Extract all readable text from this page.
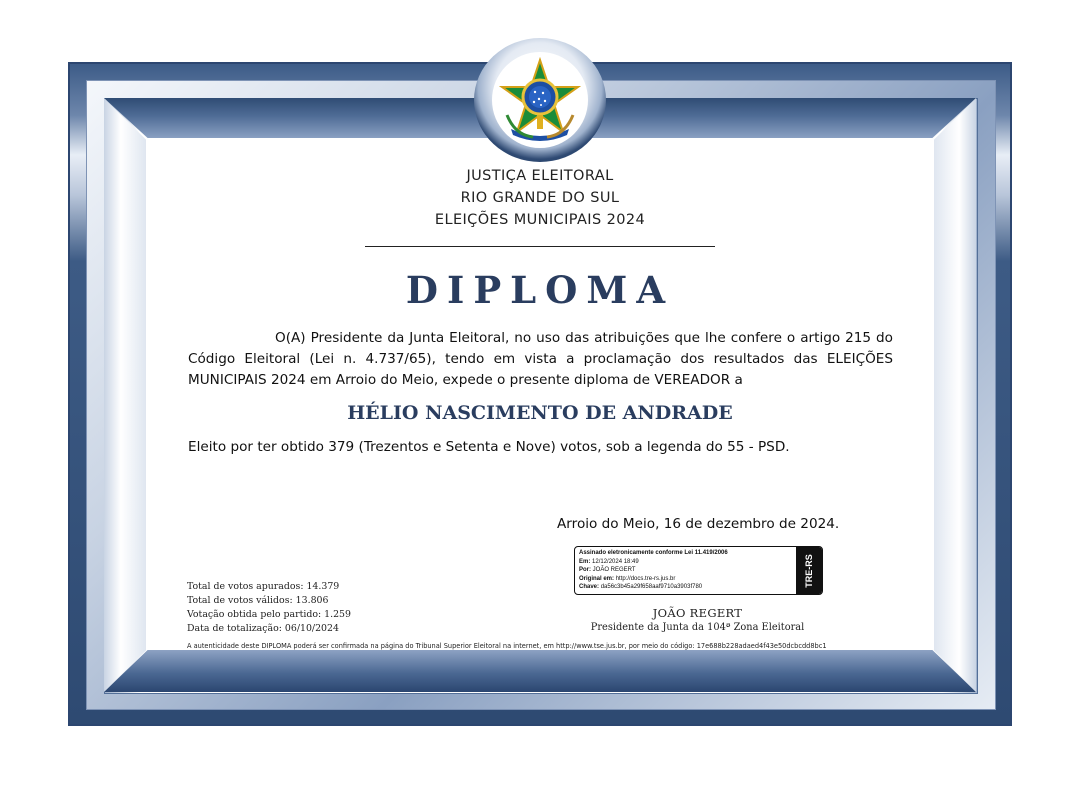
JUSTIÇA ELEITORAL
RIO GRANDE DO SUL
ELEIÇÕES MUNICIPAIS 2024
DIPLOMA
O(A) Presidente da Junta Eleitoral, no uso das atribuições que lhe confere o artigo 215 do Código Eleitoral (Lei n. 4.737/65), tendo em vista a proclamação dos resultados das ELEIÇÕES MUNICIPAIS 2024 em Arroio do Meio, expede o presente diploma de VEREADOR a
HÉLIO NASCIMENTO DE ANDRADE
Eleito por ter obtido 379 (Trezentos e Setenta e Nove) votos, sob a legenda do 55 - PSD.
Arroio do Meio, 16 de dezembro de 2024.
Assinado eletronicamente conforme Lei 11.419/2006
Em: 12/12/2024 18:49
Por: JOÃO REGERT
Original em: http://docs.tre-rs.jus.br
Chave: da56c3b45a29f658aaf9710a3903f780
TRE-RS
Total de votos apurados: 14.379
Total de votos válidos: 13.806
Votação obtida pelo partido: 1.259
Data de totalização: 06/10/2024
JOÃO REGERT
Presidente da Junta da 104ª Zona Eleitoral
A autenticidade deste DIPLOMA poderá ser confirmada na página do Tribunal Superior Eleitoral na internet, em http://www.tse.jus.br, por meio do código: 17e688b228adaed4f43e50dcbcdd8bc1
